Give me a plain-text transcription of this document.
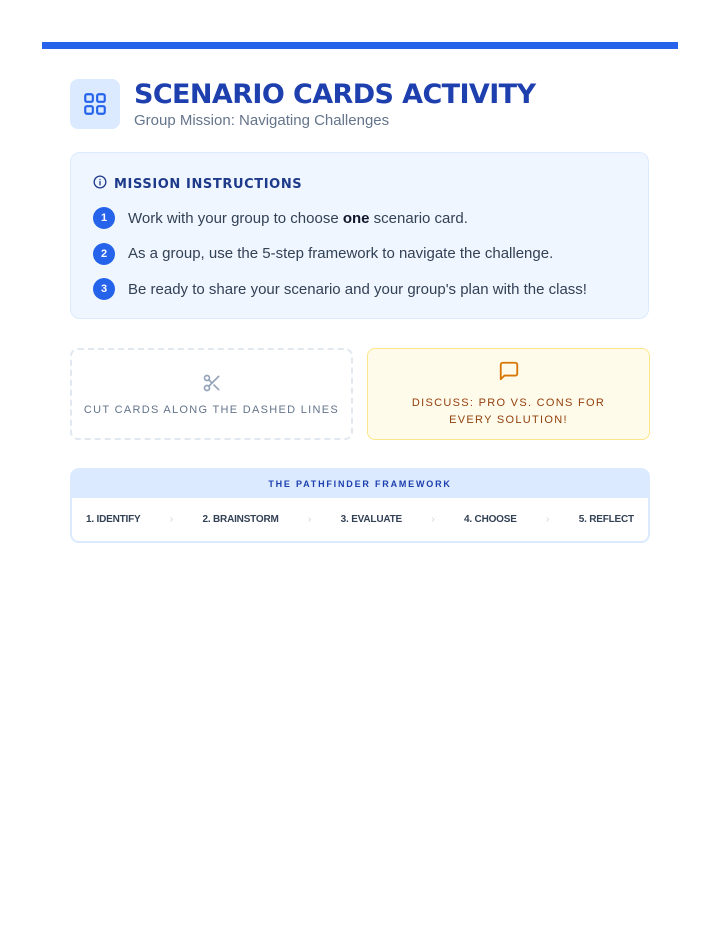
SCENARIO CARDS ACTIVITY
Group Mission: Navigating Challenges
MISSION INSTRUCTIONS
1	Work with your group to choose one scenario card.
2	As a group, use the 5-step framework to navigate the challenge.
3	Be ready to share your scenario and your group's plan with the class!
CUT CARDS ALONG THE DASHED LINES
DISCUSS: PRO VS. CONS FOR EVERY SOLUTION!
THE PATHFINDER FRAMEWORK
1. IDENTIFY	›	2. BRAINSTORM	›	3. EVALUATE	›	4. CHOOSE	›	5. REFLECT
